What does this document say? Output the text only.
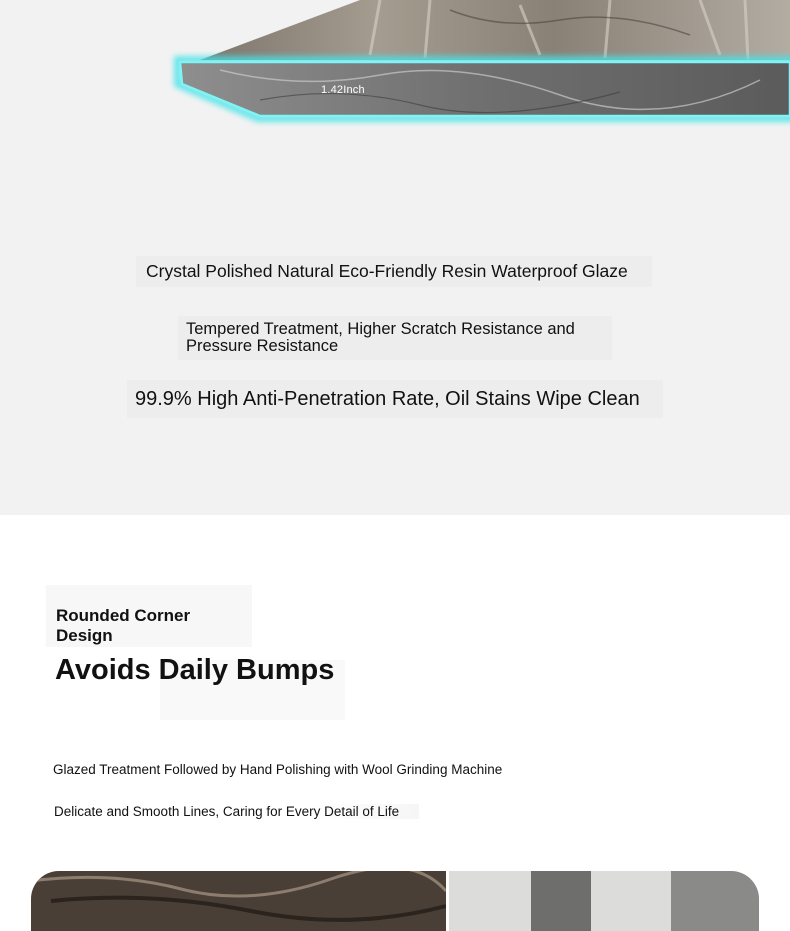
1.42Inch
Crystal Polished Natural Eco-Friendly Resin Waterproof Glaze
Tempered Treatment, Higher Scratch Resistance and Pressure Resistance
99.9% High Anti-Penetration Rate, Oil Stains Wipe Clean
Rounded Corner Design
Avoids Daily Bumps
Glazed Treatment Followed by Hand Polishing with Wool Grinding Machine
Delicate and Smooth Lines, Caring for Every Detail of Life
